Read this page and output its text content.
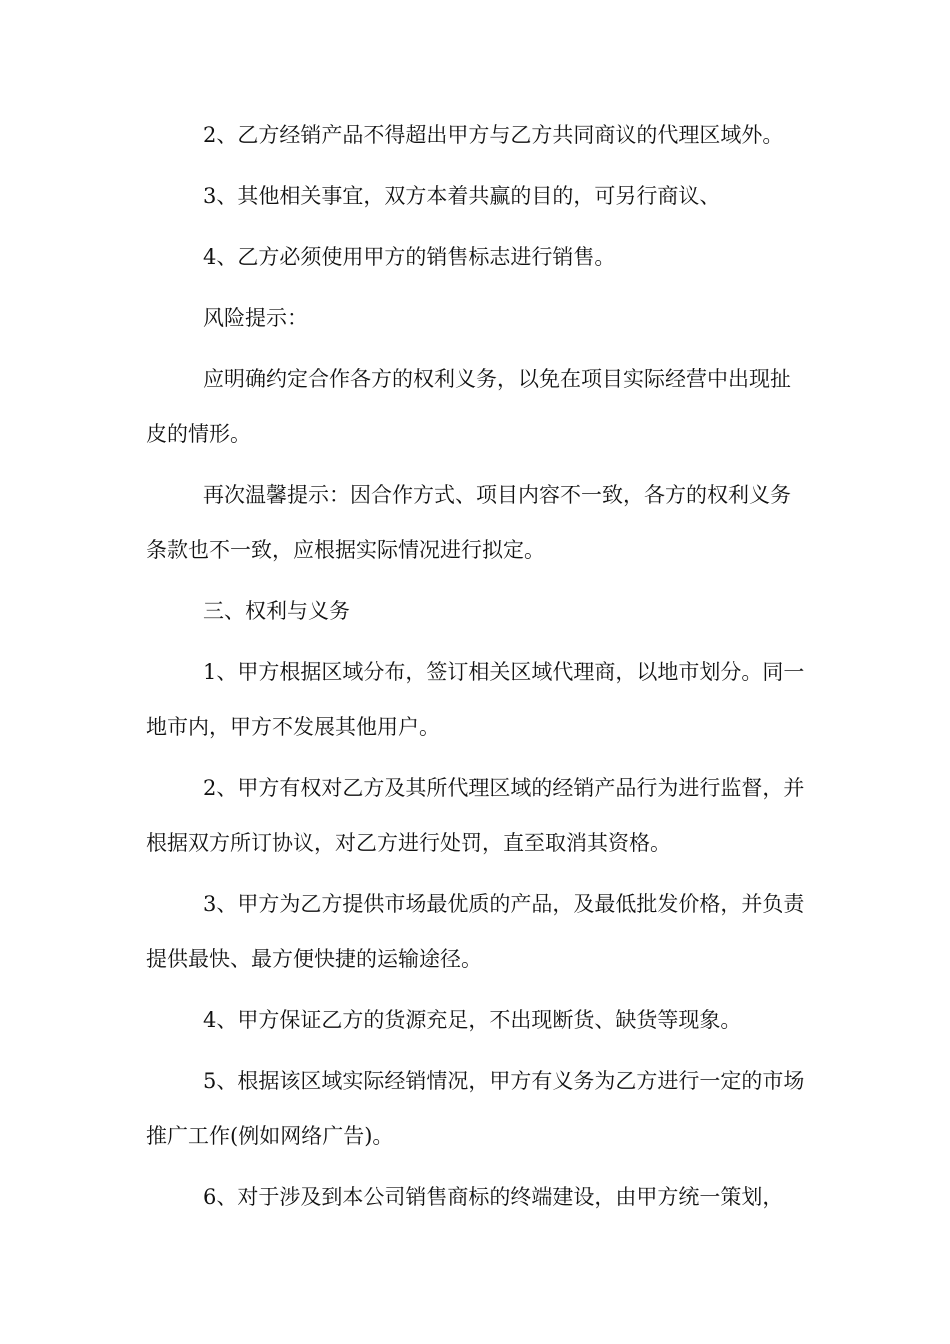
2、乙方经销产品不得超出甲方与乙方共同商议的代理区域外。

3、其他相关事宜，双方本着共赢的目的，可另行商议、

4、乙方必须使用甲方的销售标志进行销售。

风险提示：

应明确约定合作各方的权利义务，以免在项目实际经营中出现扯皮的情形。

再次温馨提示：因合作方式、项目内容不一致，各方的权利义务条款也不一致，应根据实际情况进行拟定。

三、权利与义务

1、甲方根据区域分布，签订相关区域代理商，以地市划分。同一地市内，甲方不发展其他用户。

2、甲方有权对乙方及其所代理区域的经销产品行为进行监督，并根据双方所订协议，对乙方进行处罚，直至取消其资格。

3、甲方为乙方提供市场最优质的产品，及最低批发价格，并负责提供最快、最方便快捷的运输途径。

4、甲方保证乙方的货源充足，不出现断货、缺货等现象。

5、根据该区域实际经销情况，甲方有义务为乙方进行一定的市场推广工作(例如网络广告)。

6、对于涉及到本公司销售商标的终端建设，由甲方统一策划，
